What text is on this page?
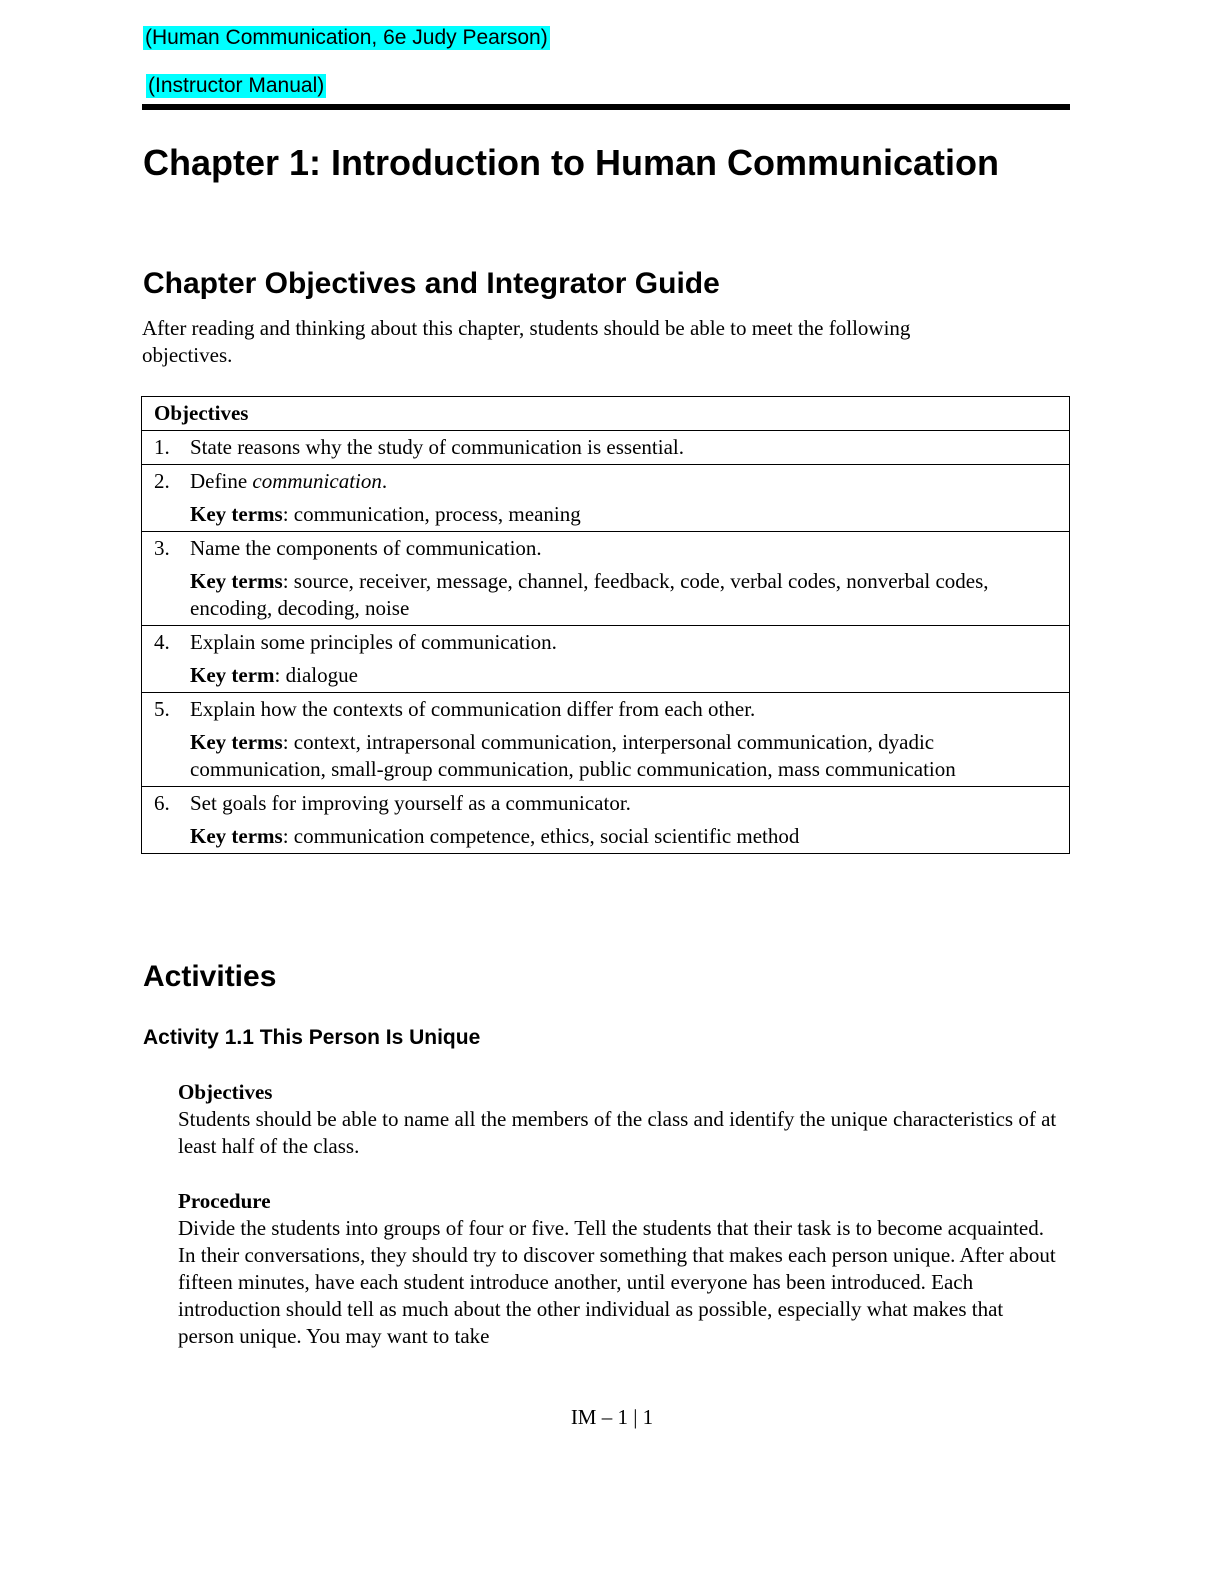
(Human Communication, 6e Judy Pearson)
(Instructor Manual)
Chapter 1: Introduction to Human Communication
Chapter Objectives and Integrator Guide

After reading and thinking about this chapter, students should be able to meet the following objectives.

Objectives

1. State reasons why the study of communication is essential.

2. Define communication.
Key terms: communication, process, meaning

3. Name the components of communication.
Key terms: source, receiver, message, channel, feedback, code, verbal codes, nonverbal codes, encoding, decoding, noise

4. Explain some principles of communication.
Key term: dialogue

5. Explain how the contexts of communication differ from each other.
Key terms: context, intrapersonal communication, interpersonal communication, dyadic communication, small-group communication, public communication, mass communication

6. Set goals for improving yourself as a communicator.
Key terms: communication competence, ethics, social scientific method
Activities
Activity 1.1 This Person Is Unique
Objectives

Students should be able to name all the members of the class and identify the unique characteristics of at least half of the class.

Procedure

Divide the students into groups of four or five. Tell the students that their task is to become acquainted. In their conversations, they should try to discover something that makes each person unique. After about fifteen minutes, have each student introduce another, until everyone has been introduced. Each introduction should tell as much about the other individual as possible, especially what makes that person unique. You may want to take

IM – 1 | 1
